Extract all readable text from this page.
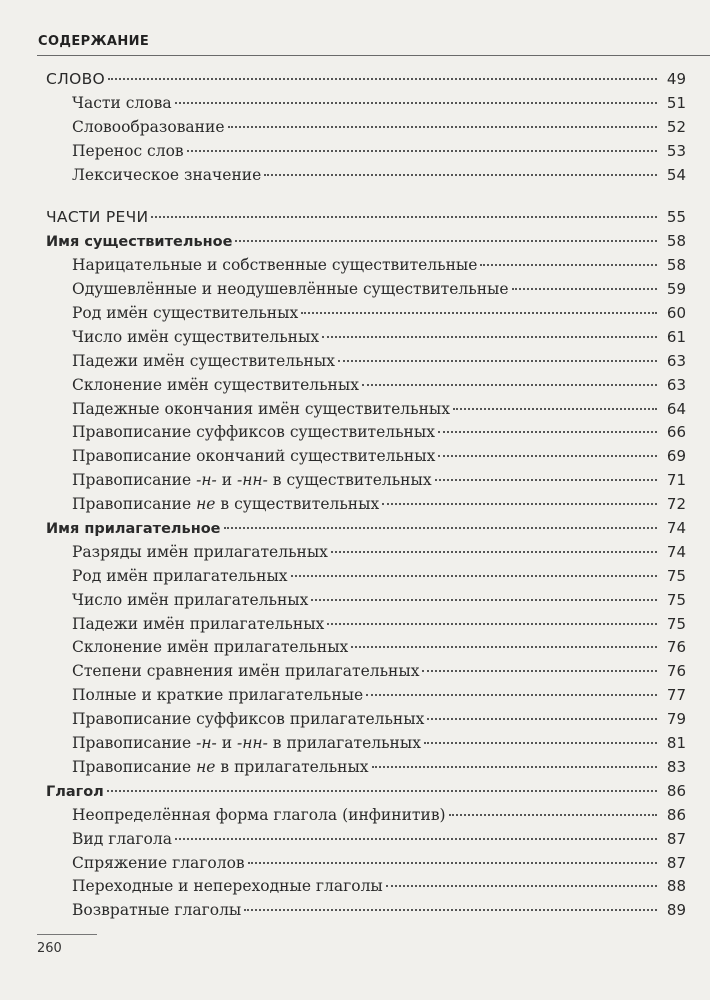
СОДЕРЖАНИЕ
СЛОВО	49
Части слова	51
Словообразование	52
Перенос слов	53
Лексическое значение	54
ЧАСТИ РЕЧИ	55
Имя существительное	58
Нарицательные и собственные существительные	58
Одушевлённые и неодушевлённые существительные	59
Род имён существительных	60
Число имён существительных	61
Падежи имён существительных	63
Склонение имён существительных	63
Падежные окончания имён существительных	64
Правописание суффиксов существительных	66
Правописание окончаний существительных	69
Правописание -н- и -нн- в существительных	71
Правописание не в существительных	72
Имя прилагательное	74
Разряды имён прилагательных	74
Род имён прилагательных	75
Число имён прилагательных	75
Падежи имён прилагательных	75
Склонение имён прилагательных	76
Степени сравнения имён прилагательных	76
Полные и краткие прилагательные	77
Правописание суффиксов прилагательных	79
Правописание -н- и -нн- в прилагательных	81
Правописание не в прилагательных	83
Глагол	86
Неопределённая форма глагола (инфинитив)	86
Вид глагола	87
Спряжение глаголов	87
Переходные и непереходные глаголы	88
Возвратные глаголы	89
260
